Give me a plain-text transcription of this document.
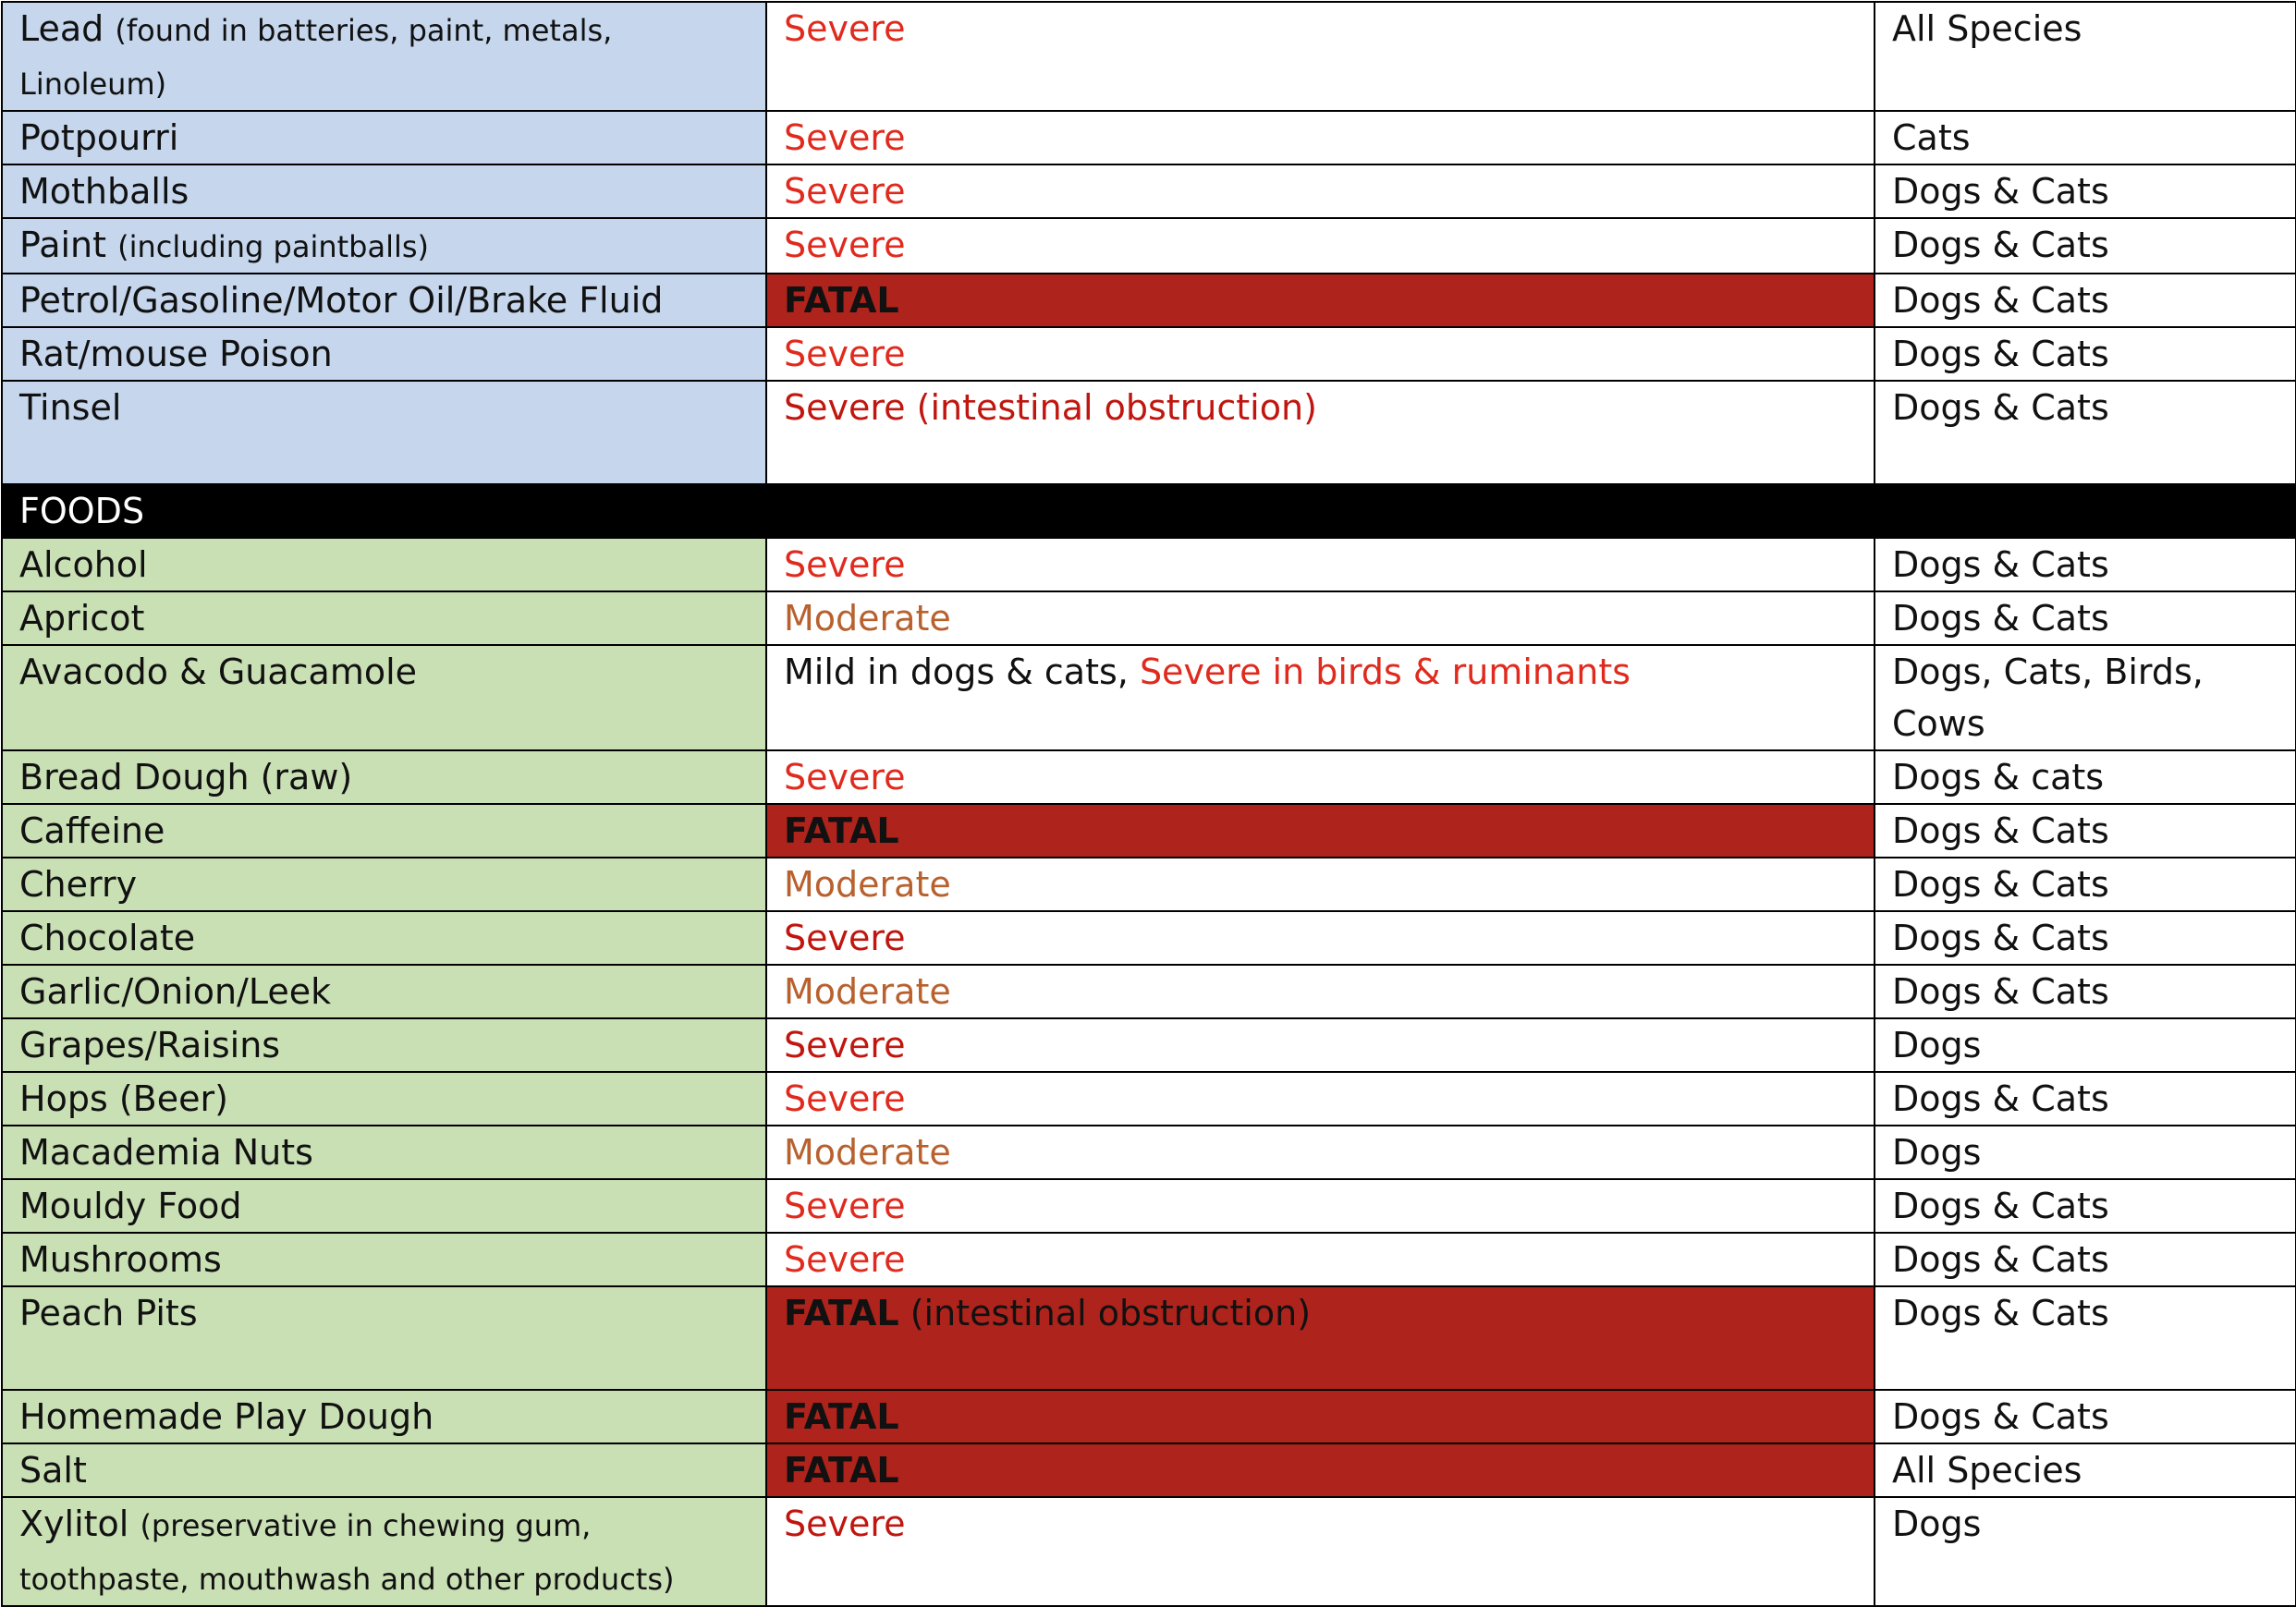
Lead (found in batteries, paint, metals, Linoleum)	Severe	All Species
Potpourri	Severe	Cats
Mothballs	Severe	Dogs & Cats
Paint (including paintballs)	Severe	Dogs & Cats
Petrol/Gasoline/Motor Oil/Brake Fluid	FATAL	Dogs & Cats
Rat/mouse Poison	Severe	Dogs & Cats
Tinsel	Severe (intestinal obstruction)	Dogs & Cats
FOODS		
Alcohol	Severe	Dogs & Cats
Apricot	Moderate	Dogs & Cats
Avacodo & Guacamole	Mild in dogs & cats, Severe in birds & ruminants	Dogs, Cats, Birds, Cows
Bread Dough (raw)	Severe	Dogs & cats
Caffeine	FATAL	Dogs & Cats
Cherry	Moderate	Dogs & Cats
Chocolate	Severe	Dogs & Cats
Garlic/Onion/Leek	Moderate	Dogs & Cats
Grapes/Raisins	Severe	Dogs
Hops (Beer)	Severe	Dogs & Cats
Macademia Nuts	Moderate	Dogs
Mouldy Food	Severe	Dogs & Cats
Mushrooms	Severe	Dogs & Cats
Peach Pits	FATAL (intestinal obstruction)	Dogs & Cats
Homemade Play Dough	FATAL	Dogs & Cats
Salt	FATAL	All Species
Xylitol (preservative in chewing gum, toothpaste, mouthwash and other products)	Severe	Dogs
